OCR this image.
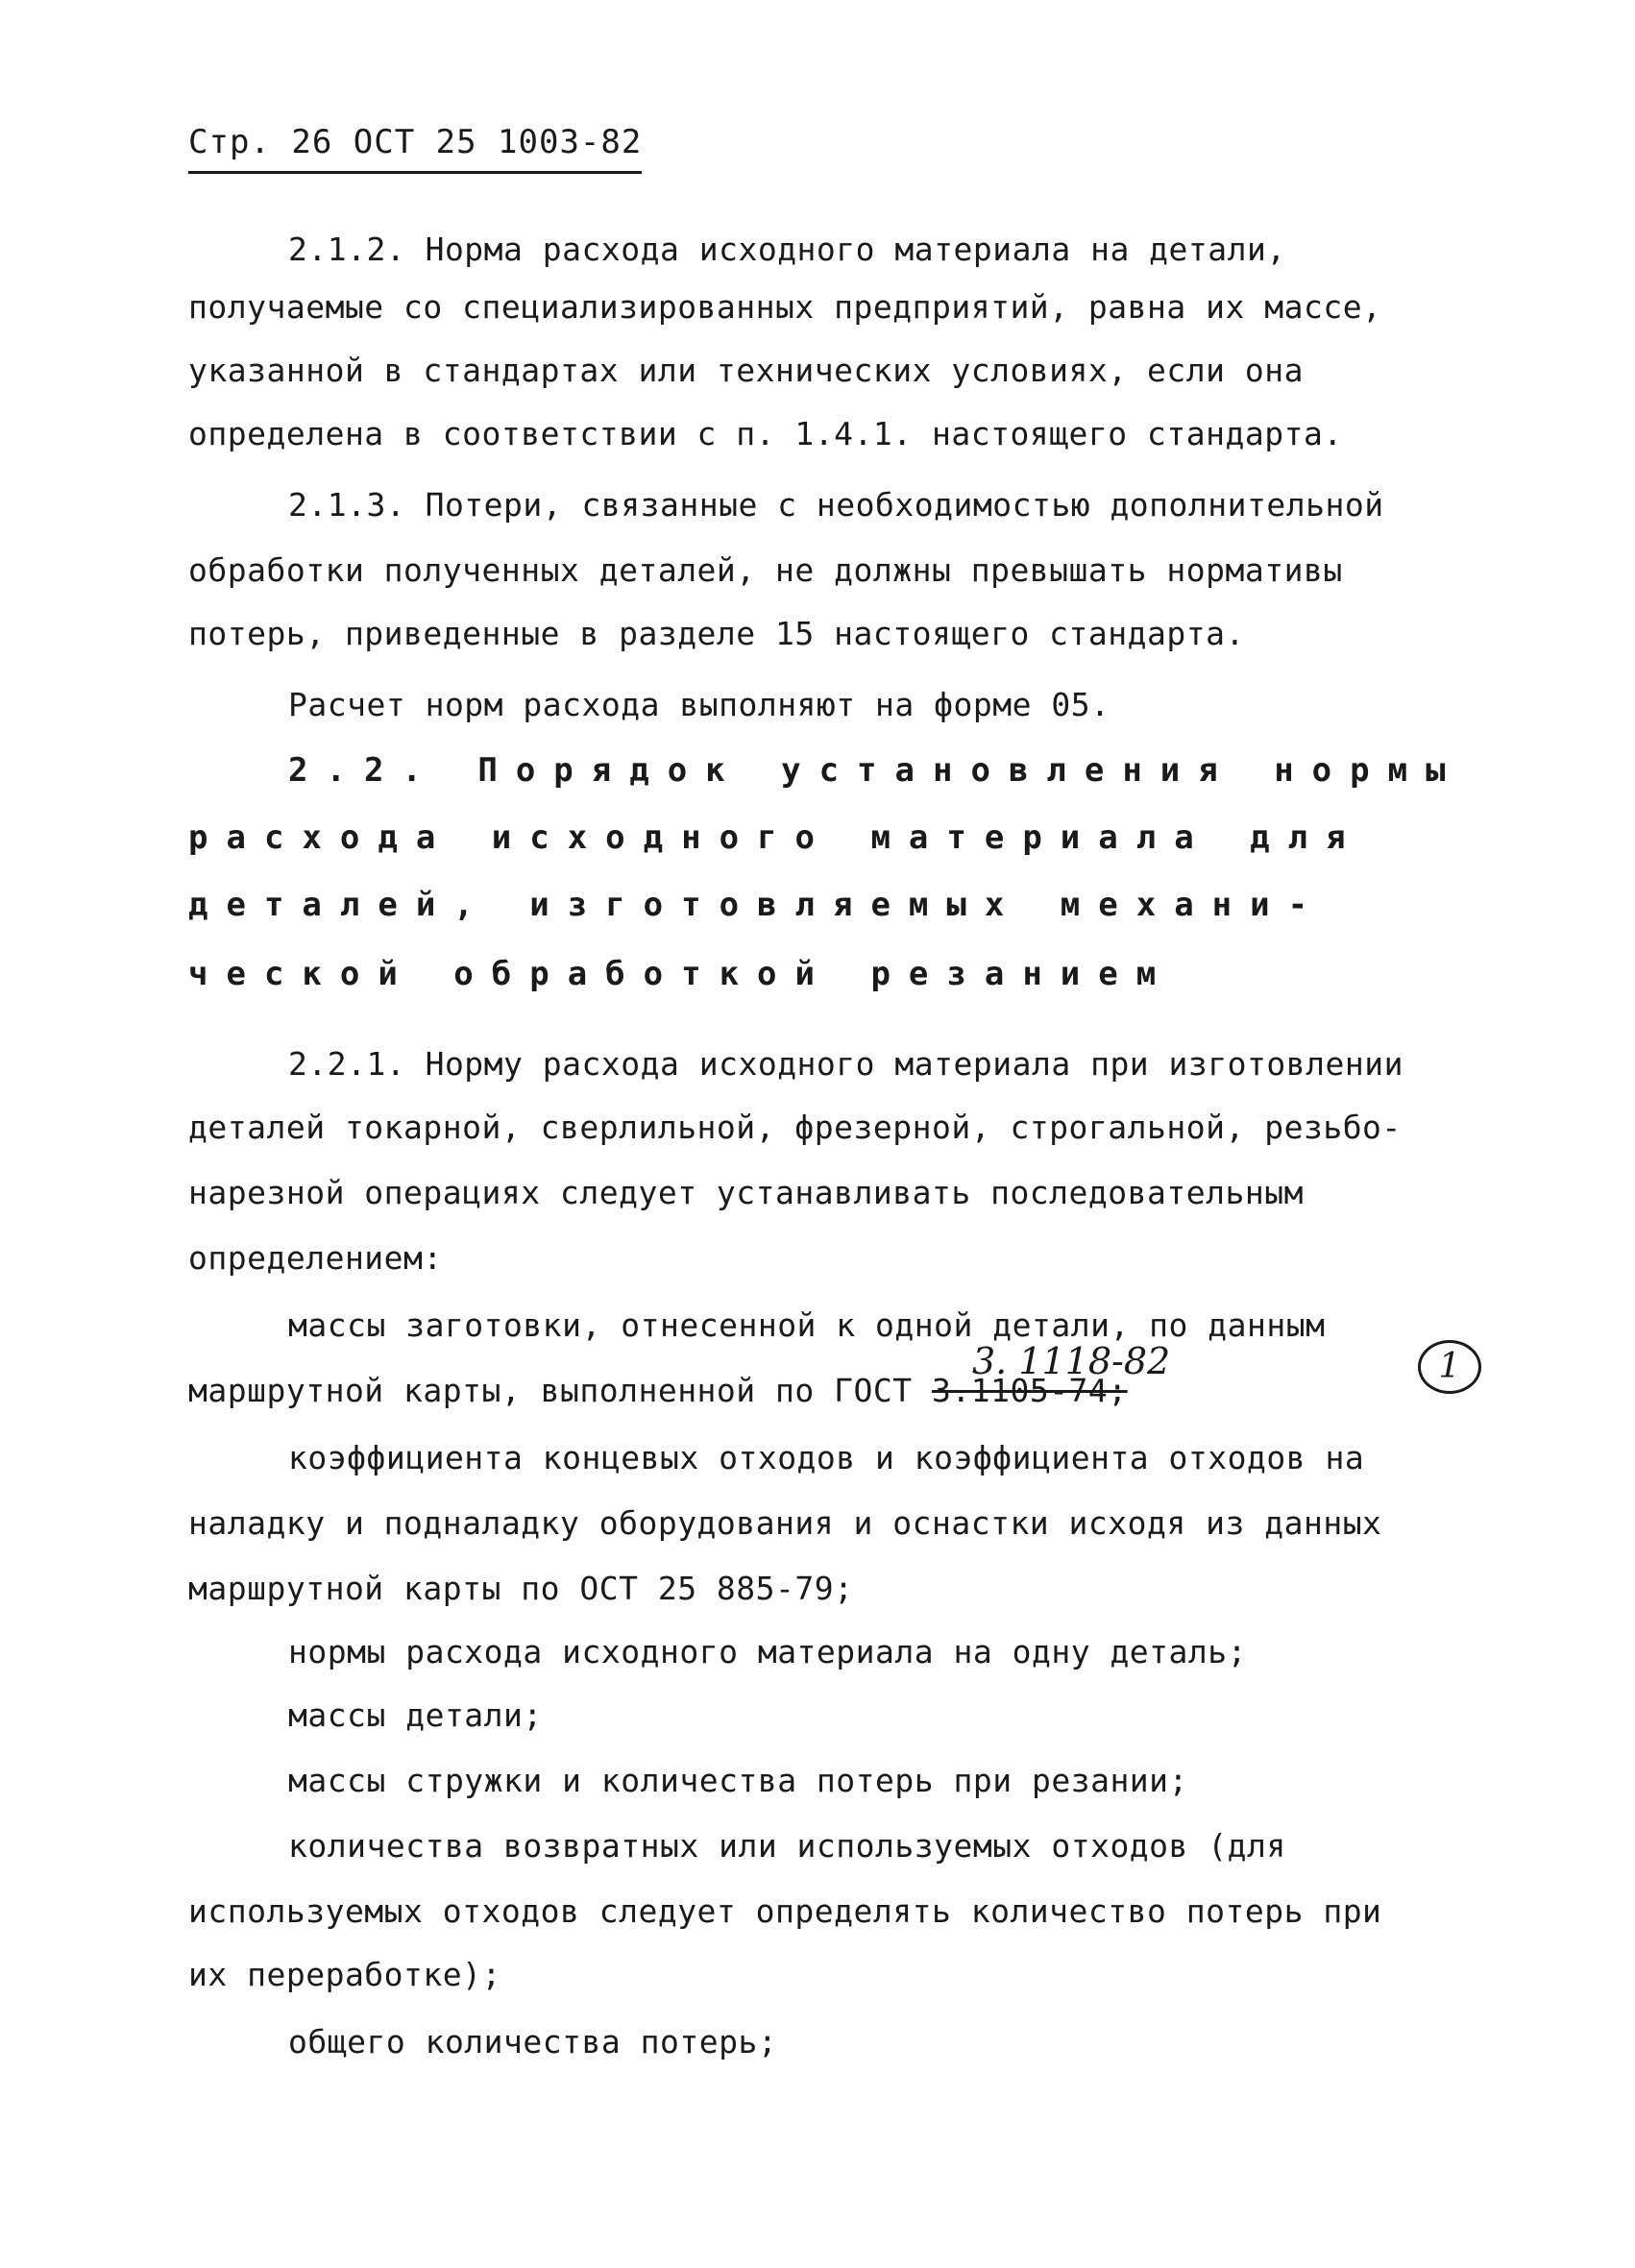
Стр. 26 ОСТ 25 1003-82
2.1.2. Норма расхода исходного материала на детали,
получаемые со специализированных предприятий, равна их массе,
указанной в стандартах или технических условиях, если она
определена в соответствии с п. 1.4.1. настоящего стандарта.
2.1.3. Потери, связанные с необходимостью дополнительной
обработки полученных деталей, не должны превышать нормативы
потерь, приведенные в разделе 15 настоящего стандарта.
Расчет норм расхода выполняют на форме 05.
2.2. Порядок установления нормы
расхода исходного материала для
деталей, изготовляемых механи-
ческой обработкой резанием
2.2.1. Норму расхода исходного материала при изготовлении
деталей токарной, сверлильной, фрезерной, строгальной, резьбо-
нарезной операциях следует устанавливать последовательным
определением:
массы заготовки, отнесенной к одной детали, по данным
маршрутной карты, выполненной по ГОСТ 3.1105-74;
3. 1118-82	1
коэффициента концевых отходов и коэффициента отходов на
наладку и подналадку оборудования и оснастки исходя из данных
маршрутной карты по ОСТ 25 885-79;
нормы расхода исходного материала на одну деталь;
массы детали;
массы стружки и количества потерь при резании;
количества возвратных или используемых отходов (для
используемых отходов следует определять количество потерь при
их переработке);
общего количества потерь;
